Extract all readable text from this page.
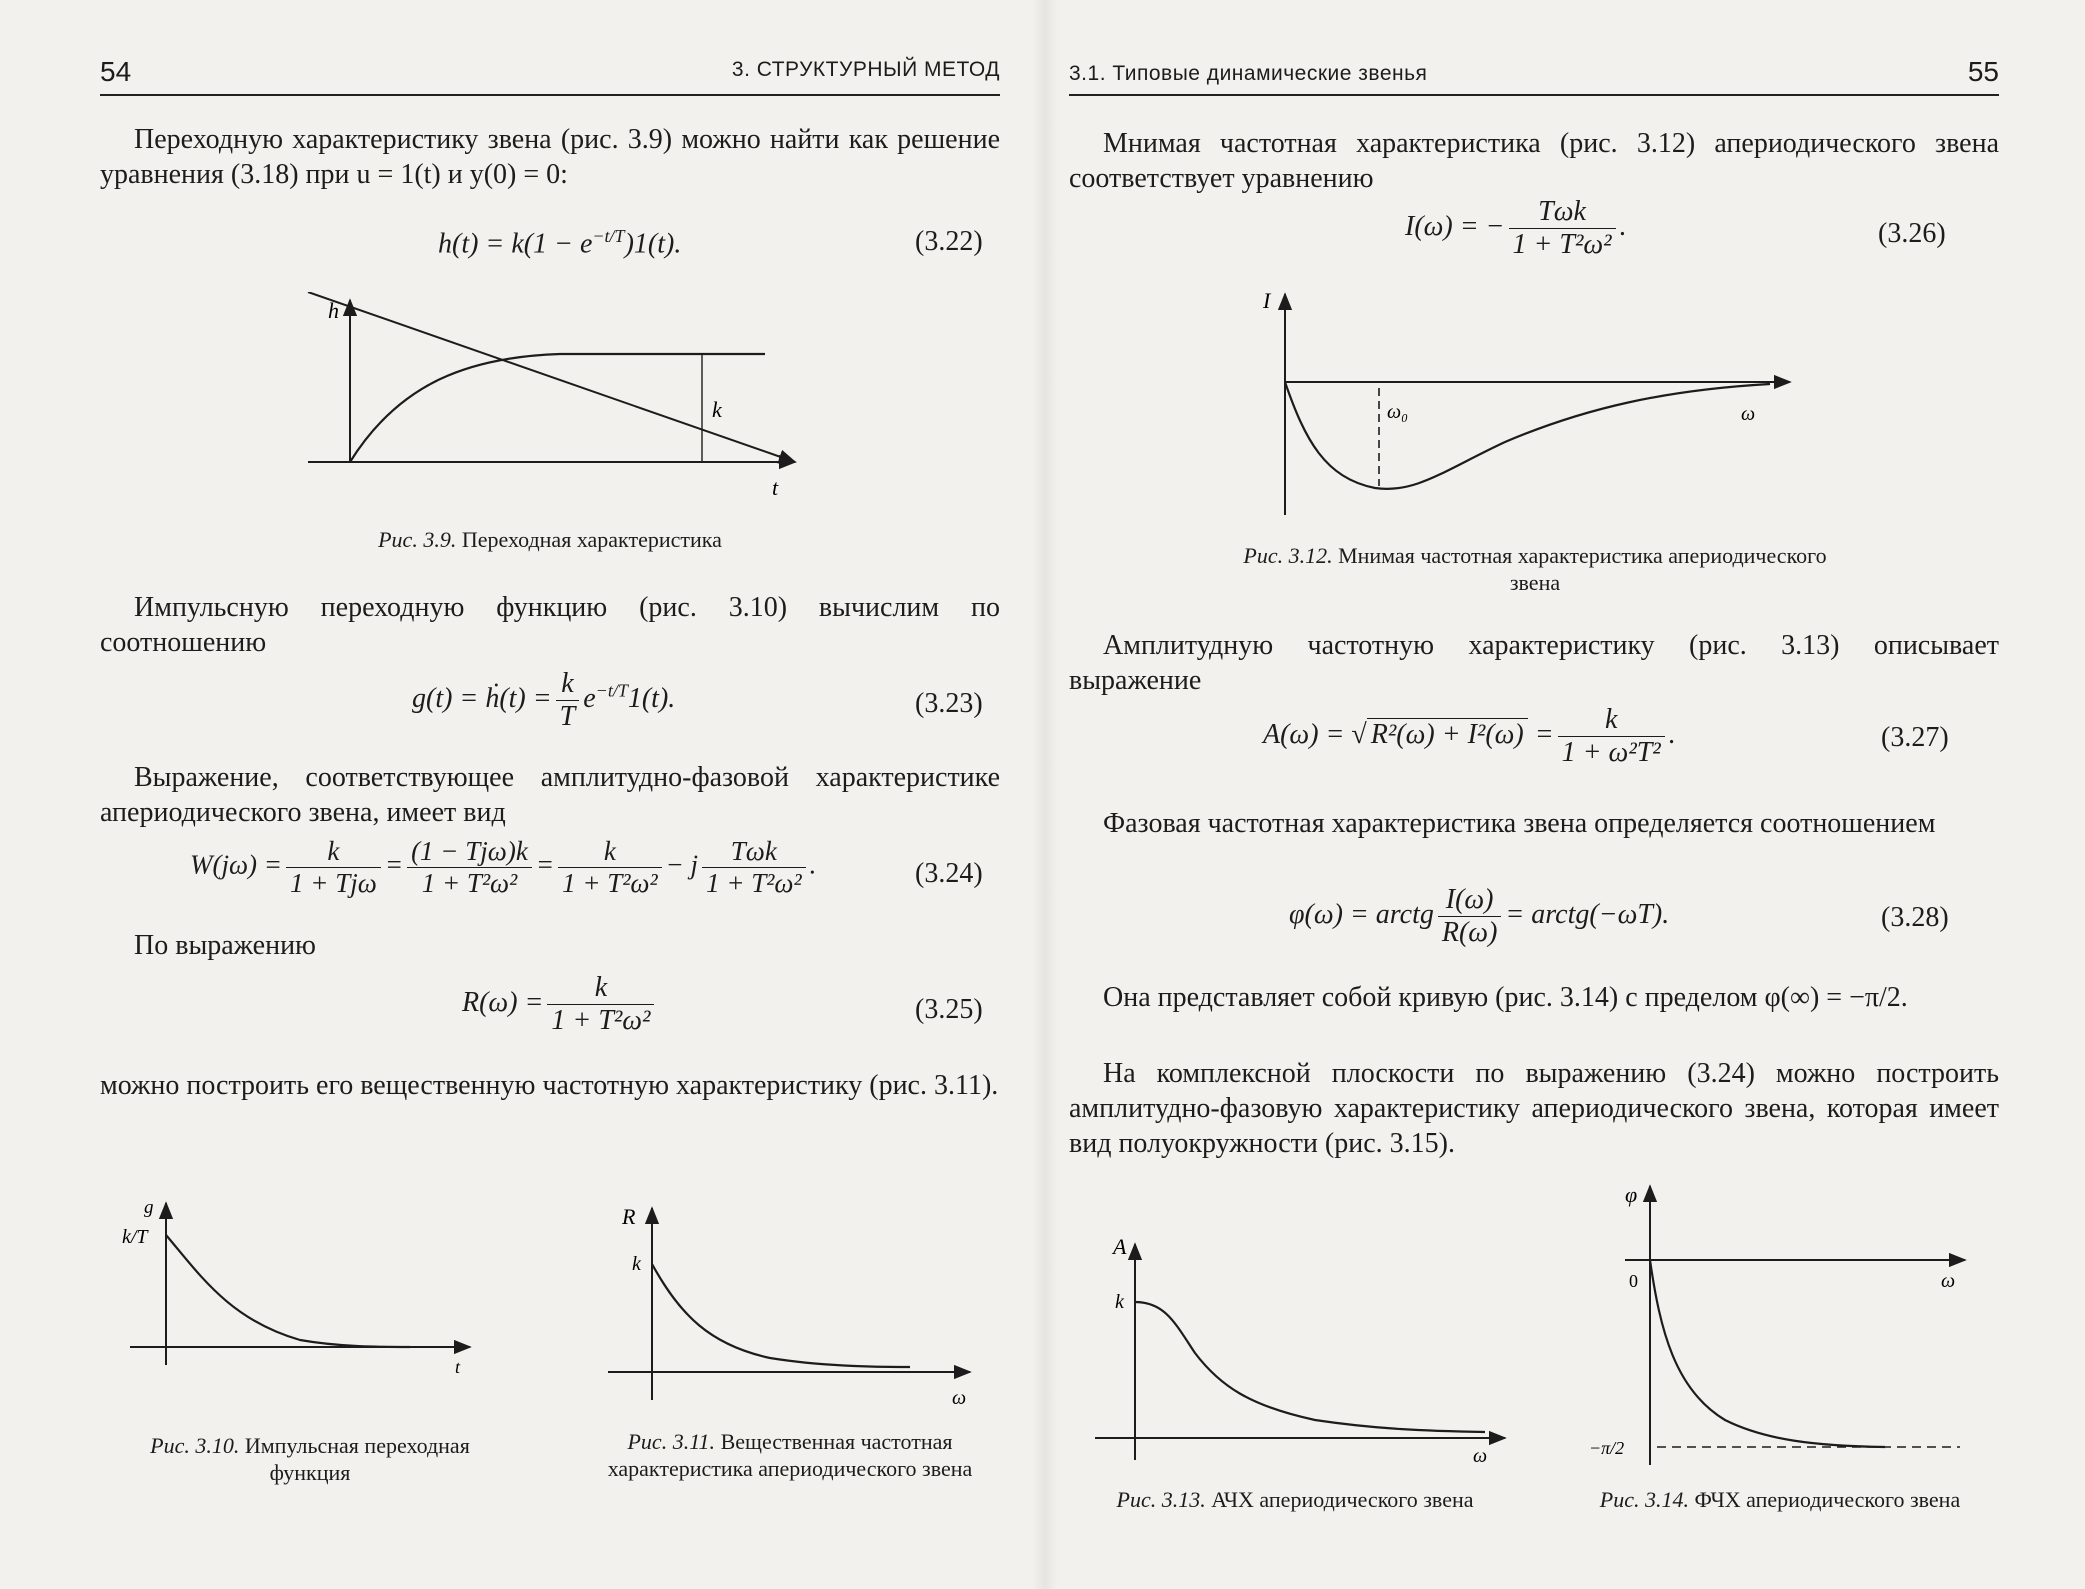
54	3. СТРУКТУРНЫЙ МЕТОД
Переходную характеристику звена (рис. 3.9) можно найти как решение уравнения (3.18) при u = 1(t) и y(0) = 0:
$h(t) = k(1 - e^{-t/T})1(t)$.	(3.22)
h
k
t
Рис. 3.9. Переходная характеристика
Импульсную переходную функцию (рис. 3.10) вычислим по соотношению
g(t) = ḣ(t) = $\frac{k}{T} e^{-t/T}1(t)$.	(3.23)
Выражение, соответствующее амплитудно-фазовой характеристике апериодического звена, имеет вид
$W(j\omega) = \frac{k}{\text{1 + Tjω}} = \frac{\text{(1 − Tjω)k}}{\text{1 + T²ω²}} = \frac{k}{\text{1 + T²ω²}} - j \frac{\text{Tωk}}{\text{1 + T²ω²}}$ .	(3.24)
По выражению
$R(\omega) = \frac{k}{\text{1 + T²ω²}}$	(3.25)
можно построить его вещественную частотную характеристику (рис. 3.11).
g
k/T
t
Рис. 3.10. Импульсная переходная функция
R
k
ω
Рис. 3.11. Вещественная частотная характеристика апериодического звена
3.1. Типовые динамические звенья	55
Мнимая частотная характеристика (рис. 3.12) апериодического звена соответствует уравнению
I(ω) = − $\frac{\text{Tωk}}{\text{1 + T²ω²}}$ .	(3.26)
I
ω₀	ω
Рис. 3.12. Мнимая частотная характеристика апериодического звена
Амплитудную частотную характеристику (рис. 3.13) описывает выражение
A(ω) = √ $R^2(\omega) + I^2(\omega) = \frac{k}{\text{1 + ω²T²}}$ .	(3.27)
Фазовая частотная характеристика звена определяется соотношением
φ(ω) = arctg $\frac{I(\omega)}{R(\omega)}$ = arctg(−ωT).	(3.28)
Она представляет собой кривую (рис. 3.14) с пределом φ(∞) = −π/2.
На комплексной плоскости по выражению (3.24) можно построить амплитудно-фазовую характеристику апериодического звена, которая имеет вид полуокружности (рис. 3.15).
A
k
ω
Рис. 3.13. АЧХ апериодического звена
φ
0
−π/2
ω
Рис. 3.14. ФЧХ апериодического звена
